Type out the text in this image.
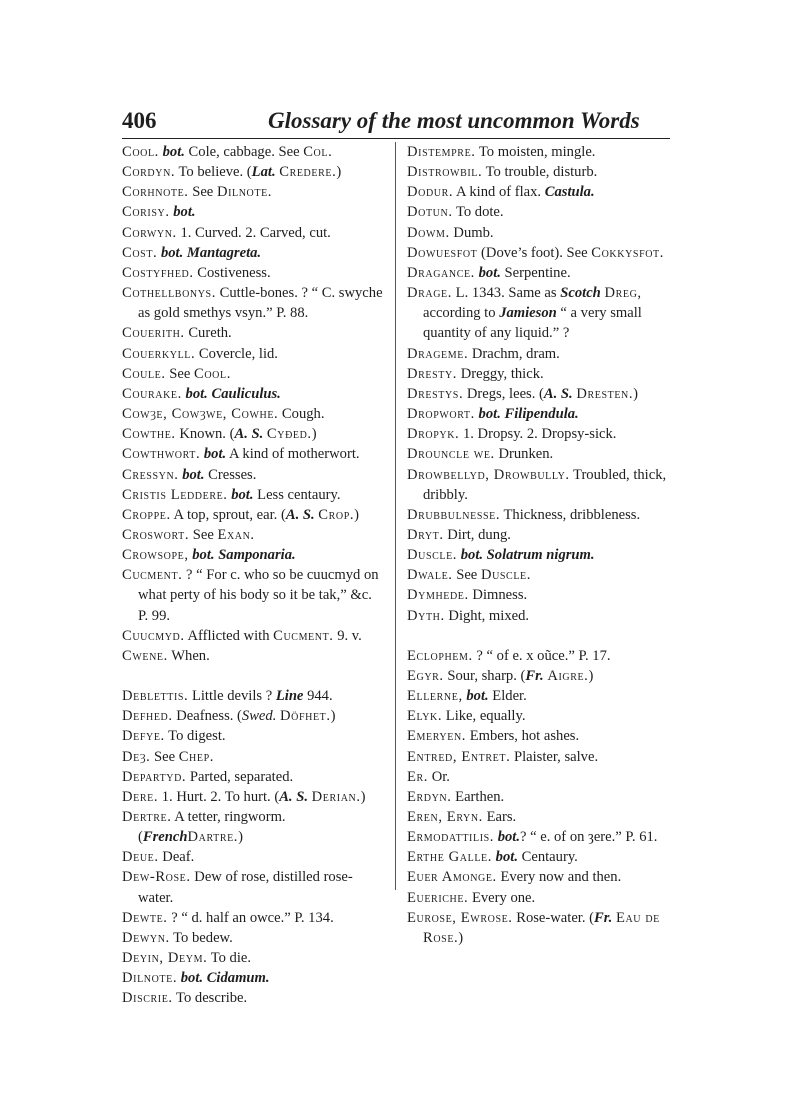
406	Glossary of the most uncommon Words

Cool. bot. Cole, cabbage. See Col.

Cordyn. To believe. (Lat. Credere.)

Corhnote. See Dilnote.

Corisy. bot.

Corwyn. 1. Curved. 2. Carved, cut.

Cost. bot. Mantagreta.

Costyfhed. Costiveness.

Cothellbonys. Cuttle-bones. ? “ C. swyche as gold smethys vsyn.” P. 88.

Couerith. Cureth.

Couerkyll. Covercle, lid.

Coule. See Cool.

Courake. bot. Cauliculus.

Cowȝe, Cowȝwe, Cowhe. Cough.

Cowthe. Known. (A. S. Cyðed.)

Cowthwort. bot. A kind of motherwort.

Cressyn. bot. Cresses.

Cristis Leddere. bot. Less centaury.

Croppe. A top, sprout, ear. (A. S. Crop.)

Croswort. See Exan.

Crowsope, bot. Samponaria.

Cucment. ? “ For c. who so be cuucmyd on what perty of his body so it be tak,” &c. P. 99.

Cuucmyd. Afflicted with Cucment. 9. v.

Cwene. When.

Deblettis. Little devils ? Line 944.

Defhed. Deafness. (Swed. Döfhet.)

Defye. To digest.

Deȝ. See Chep.

Departyd. Parted, separated.

Dere. 1. Hurt. 2. To hurt. (A. S. Derian.)

Dertre. A tetter, ringworm. (FrenchDartre.)

Deue. Deaf.

Dew-Rose. Dew of rose, distilled rose-water.

Dewte. ? “ d. half an owce.” P. 134.

Dewyn. To bedew.

Deyin, Deym. To die.

Dilnote. bot. Cidamum.

Discrie. To describe.

Distempre. To moisten, mingle.

Distrowbil. To trouble, disturb.

Dodur. A kind of flax. Castula.

Dotun. To dote.

Dowm. Dumb.

Dowuesfot (Dove’s foot). See Cokkysfot.

Dragance. bot. Serpentine.

Drage. L. 1343. Same as Scotch Dreg, according to Jamieson “ a very small quantity of any liquid.” ?

Drageme. Drachm, dram.

Dresty. Dreggy, thick.

Drestys. Dregs, lees. (A. S. Dresten.)

Dropwort. bot. Filipendula.

Dropyk. 1. Dropsy. 2. Dropsy-sick.

Drouncle we. Drunken.

Drowbellyd, Drowbully. Troubled, thick, dribbly.

Drubbulnesse. Thickness, dribbleness.

Dryt. Dirt, dung.

Duscle. bot. Solatrum nigrum.

Dwale. See Duscle.

Dymhede. Dimness.

Dyth. Dight, mixed.

Eclophem. ? “ of e. x oũce.” P. 17.

Egyr. Sour, sharp. (Fr. Aigre.)

Ellerne, bot. Elder.

Elyk. Like, equally.

Emeryen. Embers, hot ashes.

Entred, Entret. Plaister, salve.

Er. Or.

Erdyn. Earthen.

Eren, Eryn. Ears.

Ermodattilis. bot.? “ e. of on ȝere.” P. 61.

Erthe Galle. bot. Centaury.

Euer Amonge. Every now and then.

Eueriche. Every one.

Eurose, Ewrose. Rose-water. (Fr. Eau de Rose.)
